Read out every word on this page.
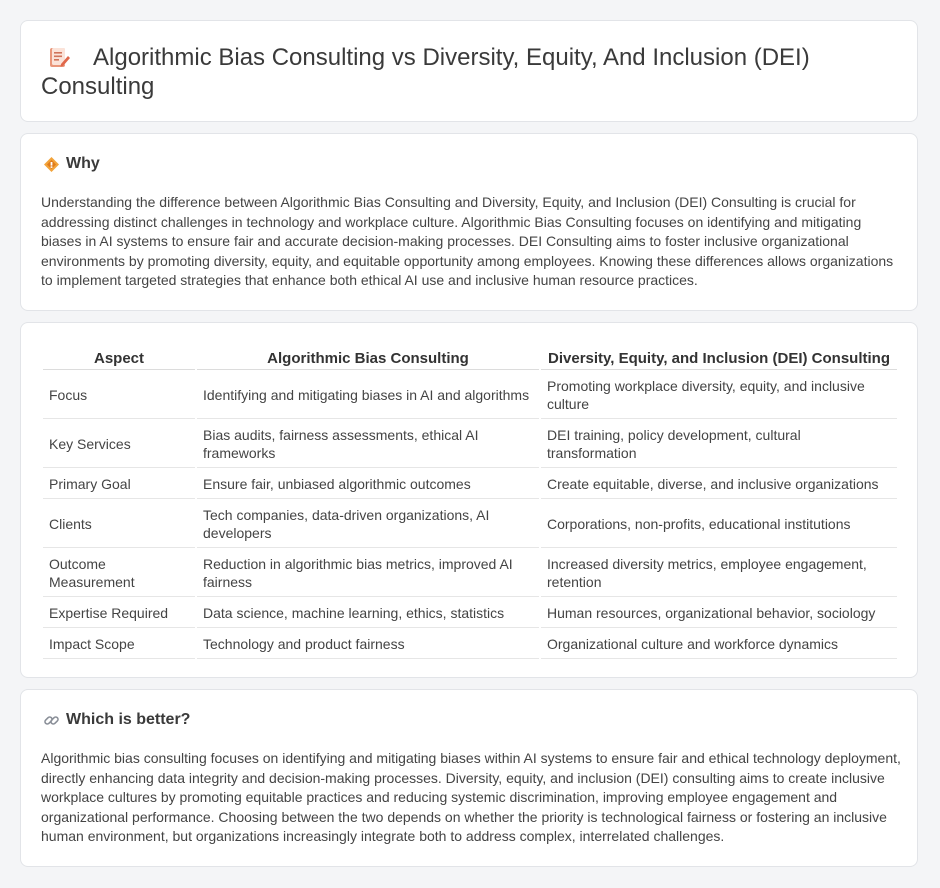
Algorithmic Bias Consulting vs Diversity, Equity, And Inclusion (DEI) Consulting
Why

Understanding the difference between Algorithmic Bias Consulting and Diversity, Equity, and Inclusion (DEI) Consulting is crucial for addressing distinct challenges in technology and workplace culture. Algorithmic Bias Consulting focuses on identifying and mitigating biases in AI systems to ensure fair and accurate decision-making processes. DEI Consulting aims to foster inclusive organizational environments by promoting diversity, equity, and equitable opportunity among employees. Knowing these differences allows organizations to implement targeted strategies that enhance both ethical AI use and inclusive human resource practices.

Aspect	Algorithmic Bias Consulting	Diversity, Equity, and Inclusion (DEI) Consulting
Focus	Identifying and mitigating biases in AI and algorithms	Promoting workplace diversity, equity, and inclusive culture
Key Services	Bias audits, fairness assessments, ethical AI frameworks	DEI training, policy development, cultural transformation
Primary Goal	Ensure fair, unbiased algorithmic outcomes	Create equitable, diverse, and inclusive organizations
Clients	Tech companies, data-driven organizations, AI developers	Corporations, non-profits, educational institutions
Outcome Measurement	Reduction in algorithmic bias metrics, improved AI fairness	Increased diversity metrics, employee engagement, retention
Expertise Required	Data science, machine learning, ethics, statistics	Human resources, organizational behavior, sociology
Impact Scope	Technology and product fairness	Organizational culture and workforce dynamics
Which is better?

Algorithmic bias consulting focuses on identifying and mitigating biases within AI systems to ensure fair and ethical technology deployment, directly enhancing data integrity and decision-making processes. Diversity, equity, and inclusion (DEI) consulting aims to create inclusive workplace cultures by promoting equitable practices and reducing systemic discrimination, improving employee engagement and organizational performance. Choosing between the two depends on whether the priority is technological fairness or fostering an inclusive human environment, but organizations increasingly integrate both to address complex, interrelated challenges.
